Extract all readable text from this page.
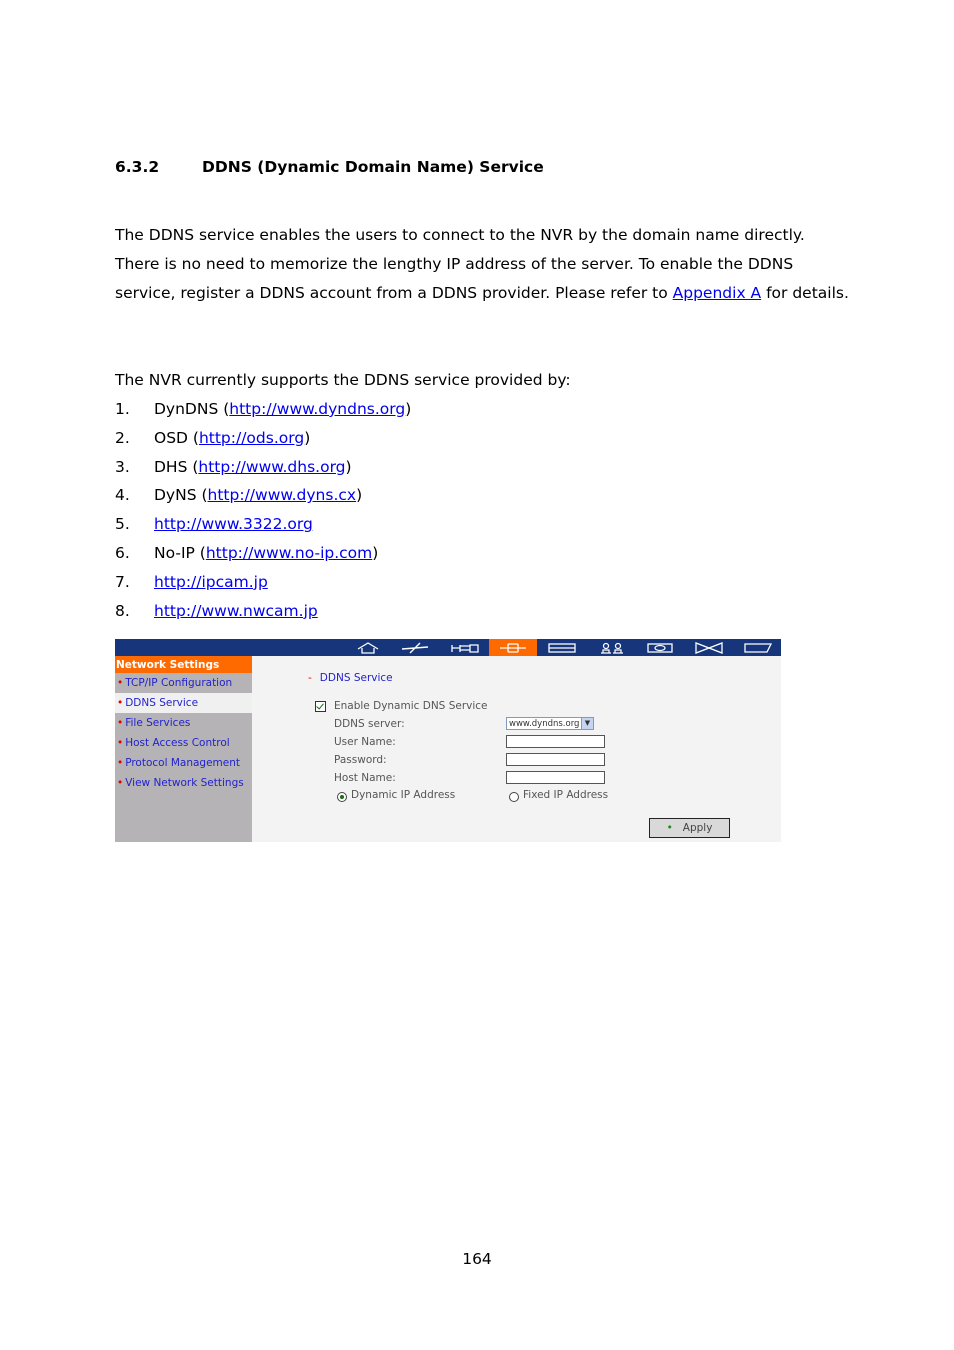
6.3.2	DDNS (Dynamic Domain Name) Service

The DDNS service enables the users to connect to the NVR by the domain name directly. There is no need to memorize the lengthy IP address of the server. To enable the DDNS service, register a DDNS account from a DDNS provider. Please refer to Appendix A for details.

The NVR currently supports the DDNS service provided by:

1. DynDNS (http://www.dyndns.org)
2. OSD (http://ods.org)
3. DHS (http://www.dhs.org)
4. DyNS (http://www.dyns.cx)
5. http://www.3322.org
6. No-IP (http://www.no-ip.com)
7. http://ipcam.jp
8. http://www.nwcam.jp
Network Settings
• TCP/IP Configuration
• DDNS Service
• File Services
• Host Access Control
• Protocol Management
• View Network Settings
- DDNS Service
Enable Dynamic DNS Service
DDNS server:	www.dyndns.org ▼
User Name:
Password:
Host Name:
Dynamic IP Address	Fixed IP Address
• Apply
164
